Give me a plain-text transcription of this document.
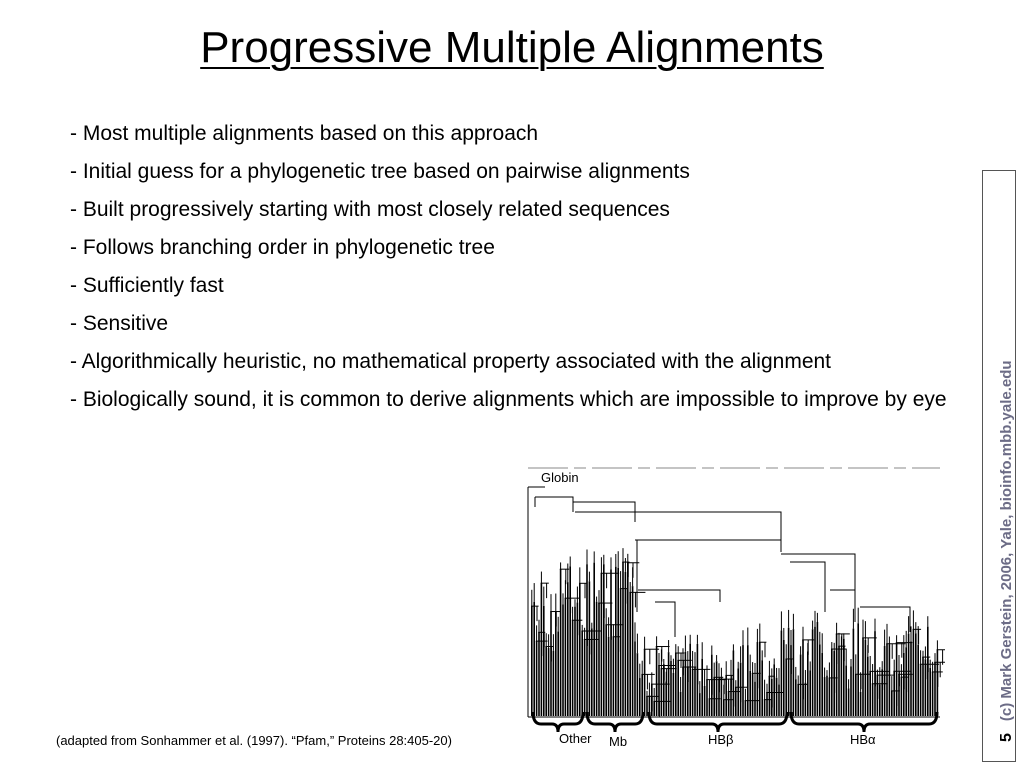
Progressive Multiple Alignments
- Most multiple alignments based on this approach
- Initial guess for a phylogenetic tree based on pairwise alignments
- Built progressively starting with most closely related sequences
- Follows branching order in phylogenetic tree
- Sufficiently fast
- Sensitive
- Algorithmically heuristic, no mathematical property associated with the alignment
- Biologically sound, it is common to derive alignments which are impossible to improve by eye
Globin
Other Mb	HBβ	HBα
(adapted from Sonhammer et al. (1997). “Pfam,” Proteins 28:405-20)	5(c) Mark Gerstein, 2006, Yale, bioinfo.mbb.yale.edu
